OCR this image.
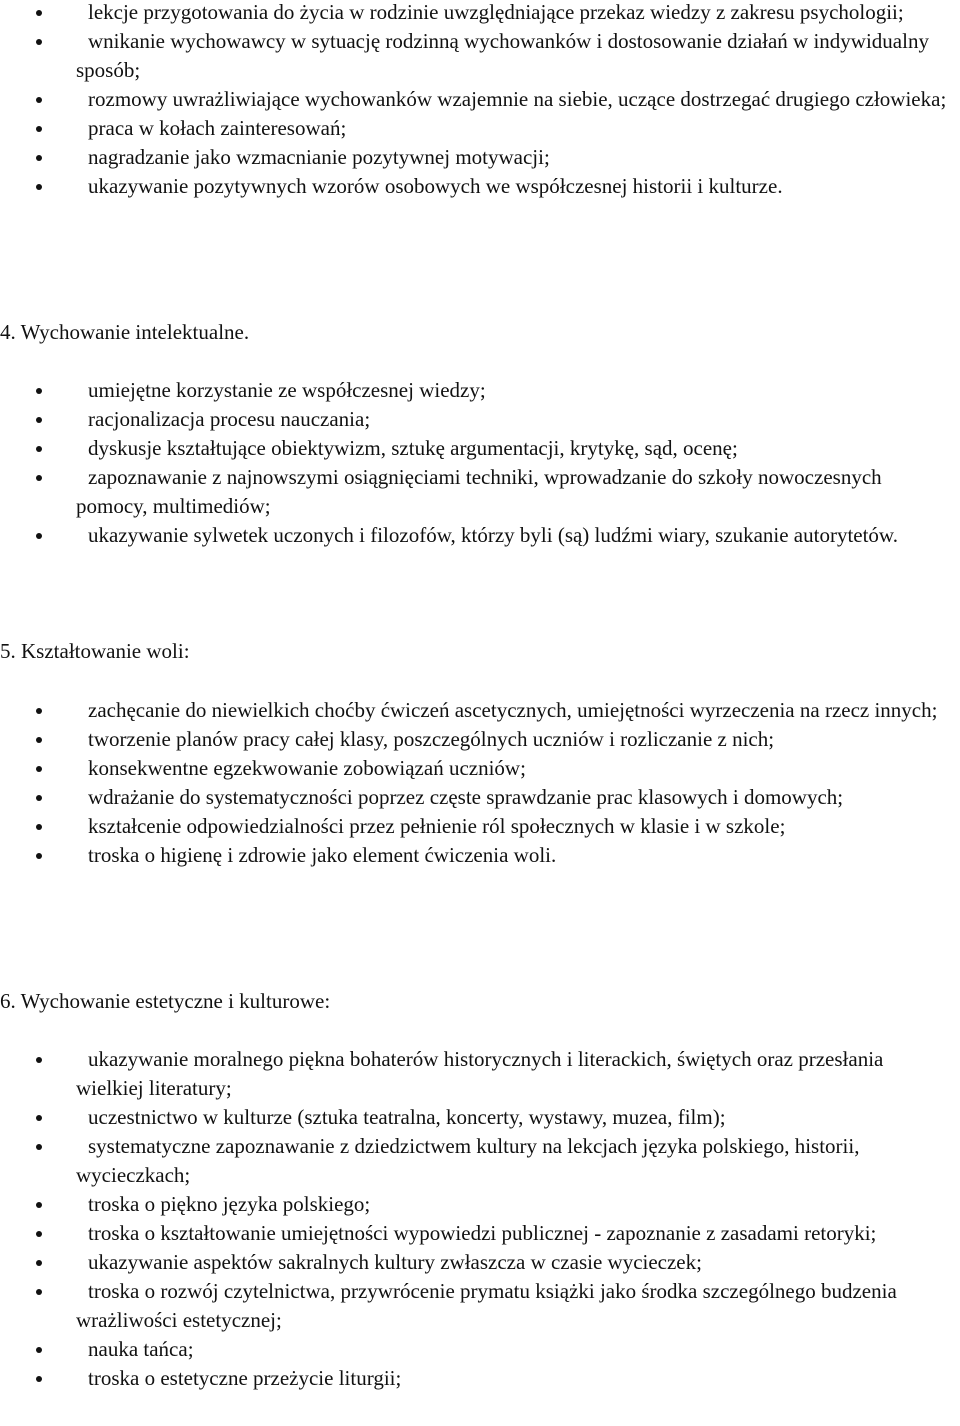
lekcje przygotowania do życia w rodzinie uwzględniające przekaz wiedzy z zakresu psychologii;
wnikanie wychowawcy w sytuację rodzinną wychowanków i dostosowanie działań w indywidualny sposób;
rozmowy uwrażliwiające wychowanków wzajemnie na siebie, uczące dostrzegać drugiego człowieka;
praca w kołach zainteresowań;
nagradzanie jako wzmacnianie pozytywnej motywacji;
ukazywanie pozytywnych wzorów osobowych we współczesnej historii i kulturze.
4. Wychowanie intelektualne.
umiejętne korzystanie ze współczesnej wiedzy;
racjonalizacja procesu nauczania;
dyskusje kształtujące obiektywizm, sztukę argumentacji, krytykę, sąd, ocenę;
zapoznawanie z najnowszymi osiągnięciami techniki, wprowadzanie do szkoły nowoczesnych pomocy, multimediów;
ukazywanie sylwetek uczonych i filozofów, którzy byli (są) ludźmi wiary, szukanie autorytetów.
5. Kształtowanie woli:
zachęcanie do niewielkich choćby ćwiczeń ascetycznych, umiejętności wyrzeczenia na rzecz innych;
tworzenie planów pracy całej klasy, poszczególnych uczniów i rozliczanie z nich;
konsekwentne egzekwowanie zobowiązań uczniów;
wdrażanie do systematyczności poprzez częste sprawdzanie prac klasowych i domowych;
kształcenie odpowiedzialności przez pełnienie ról społecznych w klasie i w szkole;
troska o higienę i zdrowie jako element ćwiczenia woli.
6. Wychowanie estetyczne i kulturowe:
ukazywanie moralnego piękna bohaterów historycznych i literackich, świętych oraz przesłania wielkiej literatury;
uczestnictwo w kulturze (sztuka teatralna, koncerty, wystawy, muzea, film);
systematyczne zapoznawanie z dziedzictwem kultury na lekcjach języka polskiego, historii, wycieczkach;
troska o piękno języka polskiego;
troska o kształtowanie umiejętności wypowiedzi publicznej - zapoznanie z zasadami retoryki;
ukazywanie aspektów sakralnych kultury zwłaszcza w czasie wycieczek;
troska o rozwój czytelnictwa, przywrócenie prymatu książki jako środka szczególnego budzenia wrażliwości estetycznej;
nauka tańca;
troska o estetyczne przeżycie liturgii;
